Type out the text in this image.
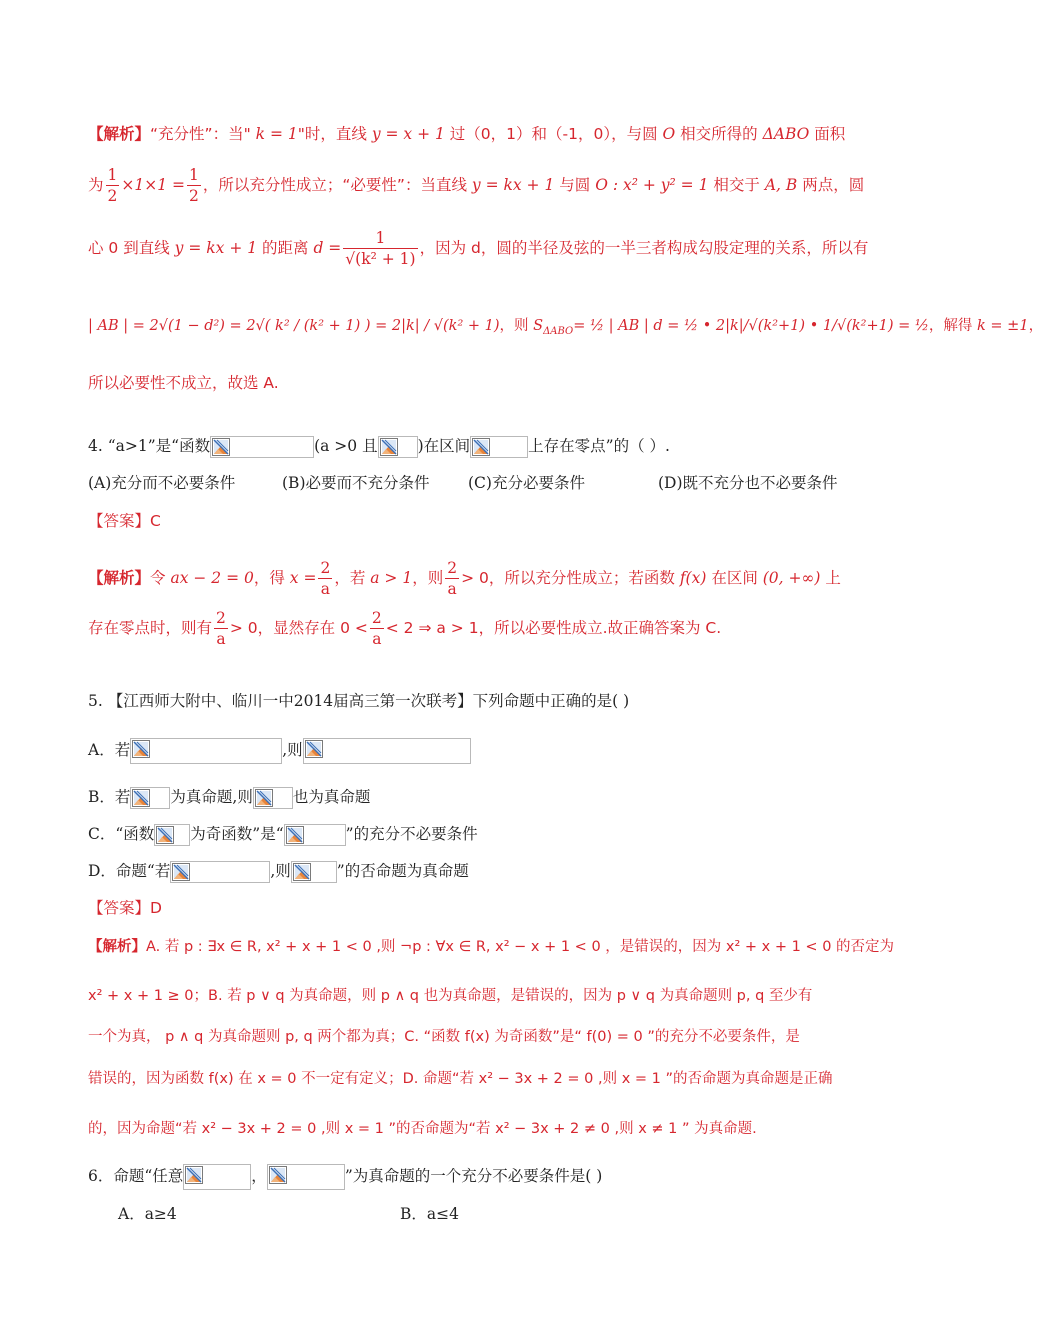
【解析】“充分性”：当" k = 1"时，直线 y = x + 1 过（0，1）和（-1，0），与圆 O 相交所得的 ΔABO 面积
为 $\frac{1}{2} \times 1\times 1 = \frac{1}{2}$ ，所以充分性成立；“必要性”：当直线 y = kx + 1 与圆 O : x² + y² = 1 相交于 A, B 两点，圆
心 0 到直线 y = kx + 1 的距离 $d = \frac{1}{\text{√(k² + 1)}}$ ，因为 d，圆的半径及弦的一半三者构成勾股定理的关系，所以有
| AB | = 2√(1 − d²) = 2√( k² / (k² + 1) ) = 2|k| / √(k² + 1)，则 $S_{\Delta ABO}=$ ½ | AB | d = ½ • 2|k|/√(k²+1) • 1/√(k²+1) = ½，解得 k = ±1，
所以必要性不成立，故选 A.
4. “a>1”是“函数	(a >0 且	)在区间	上存在零点”的（ ）.
(A)充分而不必要条件	(B)必要而不充分条件 (C)充分必要条件	(D)既不充分也不必要条件
【答案】C
【解析】令 ax − 2 = 0，得 $x = \frac{2}{a}$ ，若 a > 1，则 $\frac{2}{a} > 0$，所以充分性成立；若函数 f(x) 在区间 (0, +∞) 上
存在零点时，则有 $\frac{2}{a} > 0$，显然存在 $0 < \frac{2}{a} < 2$ ⇒ a > 1，所以必要性成立.故正确答案为 C.
5. 【江西师大附中、临川一中2014届高三第一次联考】下列命题中正确的是( )
A．若	,则
B．若	为真命题,则	也为真命题
C．“函数 为奇函数”是“	”的充分不必要条件
D．命题“若	,则	”的否命题为真命题
【答案】D
【解析】A. 若 p : ∃x ∈ R, x² + x + 1 < 0 ,则 ¬p : ∀x ∈ R, x² − x + 1 < 0 ，是错误的，因为 x² + x + 1 < 0 的否定为
x² + x + 1 ≥ 0；B. 若 p ∨ q 为真命题，则 p ∧ q 也为真命题，是错误的，因为 p ∨ q 为真命题则 p, q 至少有
一个为真， p ∧ q 为真命题则 p, q 两个都为真；C. “函数 f(x) 为奇函数”是“ f(0) = 0 ”的充分不必要条件，是
错误的，因为函数 f(x) 在 x = 0 不一定有定义；D. 命题“若 x² − 3x + 2 = 0 ,则 x = 1 ”的否命题为真命题是正确
的，因为命题“若 x² − 3x + 2 = 0 ,则 x = 1 ”的否命题为“若 x² − 3x + 2 ≠ 0 ,则 x ≠ 1 ” 为真命题.
6．命题“任意	，	”为真命题的一个充分不必要条件是( )
A．a≥4	B．a≤4
